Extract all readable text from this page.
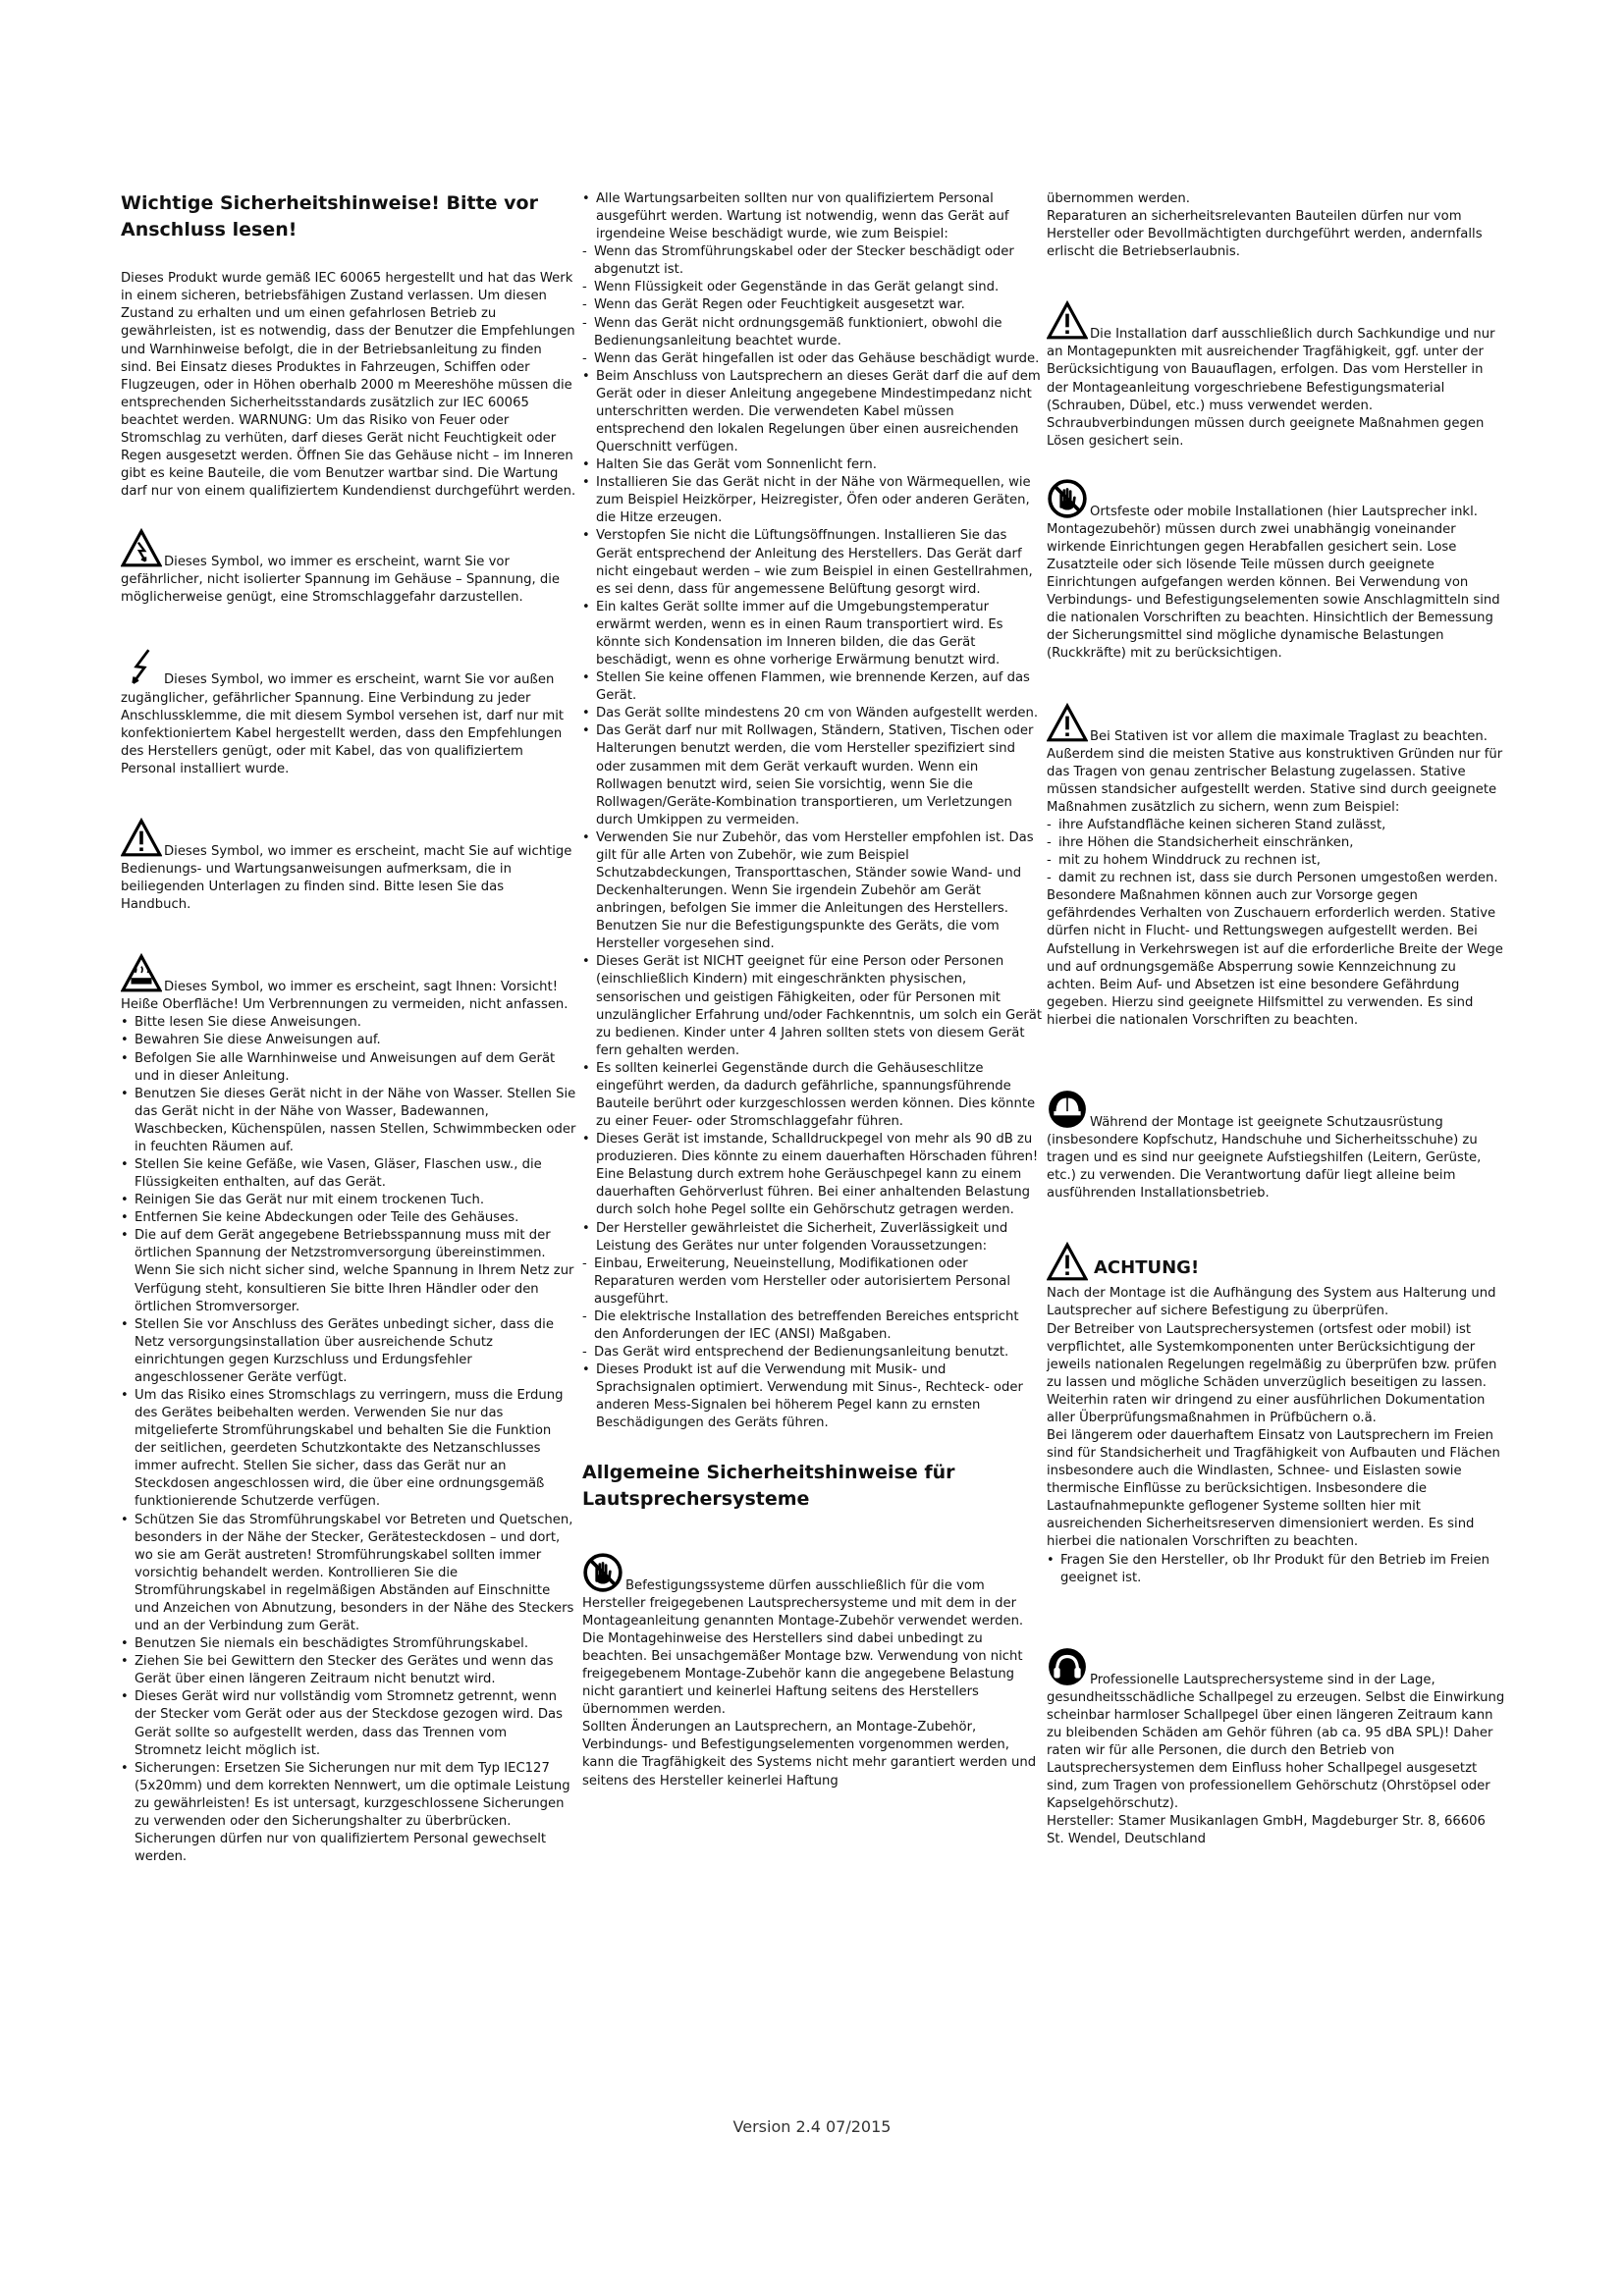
Wichtige Sicherheitshinweise! Bitte vor Anschluss lesen!

Dieses Produkt wurde gemäß IEC 60065 hergestellt und hat das Werk in einem sicheren, betriebsfähigen Zustand verlassen. Um diesen Zustand zu erhalten und um einen gefahrlosen Betrieb zu gewährleisten, ist es notwendig, dass der Benutzer die Empfehlungen und Warnhinweise befolgt, die in der Betriebsanleitung zu finden sind. Bei Einsatz dieses Produktes in Fahrzeugen, Schiffen oder Flugzeugen, oder in Höhen oberhalb 2000 m Meereshöhe müssen die entsprechenden Sicherheitsstandards zusätzlich zur IEC 60065 beachtet werden. WARNUNG: Um das Risiko von Feuer oder Stromschlag zu verhüten, darf dieses Gerät nicht Feuchtigkeit oder Regen ausgesetzt werden. Öffnen Sie das Gehäuse nicht – im Inneren gibt es keine Bauteile, die vom Benutzer wartbar sind. Die Wartung darf nur von einem qualifiziertem Kundendienst durchgeführt werden.

Dieses Symbol, wo immer es erscheint, warnt Sie vor gefährlicher, nicht isolierter Spannung im Gehäuse – Spannung, die möglicherweise genügt, eine Stromschlaggefahr darzustellen.

Dieses Symbol, wo immer es erscheint, warnt Sie vor außen zugänglicher, gefährlicher Spannung. Eine Verbindung zu jeder Anschlussklemme, die mit diesem Symbol versehen ist, darf nur mit konfektioniertem Kabel hergestellt werden, dass den Empfehlungen des Herstellers genügt, oder mit Kabel, das von qualifiziertem Personal installiert wurde.

Dieses Symbol, wo immer es erscheint, macht Sie auf wichtige Bedienungs- und Wartungsanweisungen aufmerksam, die in beiliegenden Unterlagen zu finden sind. Bitte lesen Sie das Handbuch.

Dieses Symbol, wo immer es erscheint, sagt Ihnen: Vorsicht! Heiße Oberfläche! Um Verbrennungen zu vermeiden, nicht anfassen.

• Bitte lesen Sie diese Anweisungen.
• Bewahren Sie diese Anweisungen auf.
• Befolgen Sie alle Warnhinweise und Anweisungen auf dem Gerät und in dieser Anleitung.
• Benutzen Sie dieses Gerät nicht in der Nähe von Wasser. Stellen Sie das Gerät nicht in der Nähe von Wasser, Badewannen, Waschbecken, Küchenspülen, nassen Stellen, Schwimmbecken oder in feuchten Räumen auf.
• Stellen Sie keine Gefäße, wie Vasen, Gläser, Flaschen usw., die Flüssigkeiten enthalten, auf das Gerät.
• Reinigen Sie das Gerät nur mit einem trockenen Tuch.
• Entfernen Sie keine Abdeckungen oder Teile des Gehäuses.
• Die auf dem Gerät angegebene Betriebsspannung muss mit der örtlichen Spannung der Netzstromversorgung übereinstimmen. Wenn Sie sich nicht sicher sind, welche Spannung in Ihrem Netz zur Verfügung steht, konsultieren Sie bitte Ihren Händler oder den örtlichen Stromversorger.
• Stellen Sie vor Anschluss des Gerätes unbedingt sicher, dass die Netz versorgungsinstallation über ausreichende Schutz einrichtungen gegen Kurzschluss und Erdungsfehler angeschlossener Geräte verfügt.
• Um das Risiko eines Stromschlags zu verringern, muss die Erdung des Gerätes beibehalten werden. Verwenden Sie nur das mitgelieferte Stromführungskabel und behalten Sie die Funktion der seitlichen, geerdeten Schutzkontakte des Netzanschlusses immer aufrecht. Stellen Sie sicher, dass das Gerät nur an Steckdosen angeschlossen wird, die über eine ordnungsgemäß funktionierende Schutzerde verfügen.
• Schützen Sie das Stromführungskabel vor Betreten und Quetschen, besonders in der Nähe der Stecker, Gerätesteckdosen – und dort, wo sie am Gerät austreten! Stromführungskabel sollten immer vorsichtig behandelt werden. Kontrollieren Sie die Stromführungskabel in regelmäßigen Abständen auf Einschnitte und Anzeichen von Abnutzung, besonders in der Nähe des Steckers und an der Verbindung zum Gerät.
• Benutzen Sie niemals ein beschädigtes Stromführungskabel.
• Ziehen Sie bei Gewittern den Stecker des Gerätes und wenn das Gerät über einen längeren Zeitraum nicht benutzt wird.
• Dieses Gerät wird nur vollständig vom Stromnetz getrennt, wenn der Stecker vom Gerät oder aus der Steckdose gezogen wird. Das Gerät sollte so aufgestellt werden, dass das Trennen vom Stromnetz leicht möglich ist.
• Sicherungen: Ersetzen Sie Sicherungen nur mit dem Typ IEC127 (5x20mm) und dem korrekten Nennwert, um die optimale Leistung zu gewährleisten! Es ist untersagt, kurzgeschlossene Sicherungen zu verwenden oder den Sicherungshalter zu überbrücken. Sicherungen dürfen nur von qualifiziertem Personal gewechselt werden.
• Alle Wartungsarbeiten sollten nur von qualifiziertem Personal ausgeführt werden. Wartung ist notwendig, wenn das Gerät auf irgendeine Weise beschädigt wurde, wie zum Beispiel:
- Wenn das Stromführungskabel oder der Stecker beschädigt oder abgenutzt ist.
- Wenn Flüssigkeit oder Gegenstände in das Gerät gelangt sind.
- Wenn das Gerät Regen oder Feuchtigkeit ausgesetzt war.
- Wenn das Gerät nicht ordnungsgemäß funktioniert, obwohl die Bedienungsanleitung beachtet wurde.
- Wenn das Gerät hingefallen ist oder das Gehäuse beschädigt wurde.
• Beim Anschluss von Lautsprechern an dieses Gerät darf die auf dem Gerät oder in dieser Anleitung angegebene Mindestimpedanz nicht unterschritten werden. Die verwendeten Kabel müssen entsprechend den lokalen Regelungen über einen ausreichenden Querschnitt verfügen.
• Halten Sie das Gerät vom Sonnenlicht fern.
• Installieren Sie das Gerät nicht in der Nähe von Wärmequellen, wie zum Beispiel Heizkörper, Heizregister, Öfen oder anderen Geräten, die Hitze erzeugen.
• Verstopfen Sie nicht die Lüftungsöffnungen. Installieren Sie das Gerät entsprechend der Anleitung des Herstellers. Das Gerät darf nicht eingebaut werden – wie zum Beispiel in einen Gestellrahmen, es sei denn, dass für angemessene Belüftung gesorgt wird.
• Ein kaltes Gerät sollte immer auf die Umgebungstemperatur erwärmt werden, wenn es in einen Raum transportiert wird. Es könnte sich Kondensation im Inneren bilden, die das Gerät beschädigt, wenn es ohne vorherige Erwärmung benutzt wird.
• Stellen Sie keine offenen Flammen, wie brennende Kerzen, auf das Gerät.
• Das Gerät sollte mindestens 20 cm von Wänden aufgestellt werden.
• Das Gerät darf nur mit Rollwagen, Ständern, Stativen, Tischen oder Halterungen benutzt werden, die vom Hersteller spezifiziert sind oder zusammen mit dem Gerät verkauft wurden. Wenn ein Rollwagen benutzt wird, seien Sie vorsichtig, wenn Sie die Rollwagen/Geräte-Kombination transportieren, um Verletzungen durch Umkippen zu vermeiden.
• Verwenden Sie nur Zubehör, das vom Hersteller empfohlen ist. Das gilt für alle Arten von Zubehör, wie zum Beispiel Schutzabdeckungen, Transporttaschen, Ständer sowie Wand- und Deckenhalterungen. Wenn Sie irgendein Zubehör am Gerät anbringen, befolgen Sie immer die Anleitungen des Herstellers. Benutzen Sie nur die Befestigungspunkte des Geräts, die vom Hersteller vorgesehen sind.
• Dieses Gerät ist NICHT geeignet für eine Person oder Personen (einschließlich Kindern) mit eingeschränkten physischen, sensorischen und geistigen Fähigkeiten, oder für Personen mit unzulänglicher Erfahrung und/oder Fachkenntnis, um solch ein Gerät zu bedienen. Kinder unter 4 Jahren sollten stets von diesem Gerät fern gehalten werden.
• Es sollten keinerlei Gegenstände durch die Gehäuseschlitze eingeführt werden, da dadurch gefährliche, spannungsführende Bauteile berührt oder kurzgeschlossen werden können. Dies könnte zu einer Feuer- oder Stromschlaggefahr führen.
• Dieses Gerät ist imstande, Schalldruckpegel von mehr als 90 dB zu produzieren. Dies könnte zu einem dauerhaften Hörschaden führen! Eine Belastung durch extrem hohe Geräuschpegel kann zu einem dauerhaften Gehörverlust führen. Bei einer anhaltenden Belastung durch solch hohe Pegel sollte ein Gehörschutz getragen werden.
• Der Hersteller gewährleistet die Sicherheit, Zuverlässigkeit und Leistung des Gerätes nur unter folgenden Voraussetzungen:
- Einbau, Erweiterung, Neueinstellung, Modifikationen oder Reparaturen werden vom Hersteller oder autorisiertem Personal ausgeführt.
- Die elektrische Installation des betreffenden Bereiches entspricht den Anforderungen der IEC (ANSI) Maßgaben.
- Das Gerät wird entsprechend der Bedienungsanleitung benutzt.
• Dieses Produkt ist auf die Verwendung mit Musik- und Sprachsignalen optimiert. Verwendung mit Sinus-, Rechteck- oder anderen Mess-Signalen bei höherem Pegel kann zu ernsten Beschädigungen des Geräts führen.
Allgemeine Sicherheitshinweise für Lautsprechersysteme

Befestigungssysteme dürfen ausschließlich für die vom Hersteller freigegebenen Lautsprechersysteme und mit dem in der Montageanleitung genannten Montage-Zubehör verwendet werden. Die Montagehinweise des Herstellers sind dabei unbedingt zu beachten. Bei unsachgemäßer Montage bzw. Verwendung von nicht freigegebenem Montage-Zubehör kann die angegebene Belastung nicht garantiert und keinerlei Haftung seitens des Herstellers übernommen werden.

Sollten Änderungen an Lautsprechern, an Montage-Zubehör, Verbindungs- und Befestigungselementen vorgenommen werden, kann die Tragfähigkeit des Systems nicht mehr garantiert werden und seitens des Hersteller keinerlei Haftung

übernommen werden.

Reparaturen an sicherheitsrelevanten Bauteilen dürfen nur vom Hersteller oder Bevollmächtigten durchgeführt werden, andernfalls erlischt die Betriebserlaubnis.

Die Installation darf ausschließlich durch Sachkundige und nur an Montagepunkten mit ausreichender Tragfähigkeit, ggf. unter der Berücksichtigung von Bauauflagen, erfolgen. Das vom Hersteller in der Montageanleitung vorgeschriebene Befestigungsmaterial (Schrauben, Dübel, etc.) muss verwendet werden. Schraubverbindungen müssen durch geeignete Maßnahmen gegen Lösen gesichert sein.

Ortsfeste oder mobile Installationen (hier Lautsprecher inkl. Montagezubehör) müssen durch zwei unabhängig voneinander wirkende Einrichtungen gegen Herabfallen gesichert sein. Lose Zusatzteile oder sich lösende Teile müssen durch geeignete Einrichtungen aufgefangen werden können. Bei Verwendung von Verbindungs- und Befestigungselementen sowie Anschlagmitteln sind die nationalen Vorschriften zu beachten. Hinsichtlich der Bemessung der Sicherungsmittel sind mögliche dynamische Belastungen (Ruckkräfte) mit zu berücksichtigen.

Bei Stativen ist vor allem die maximale Traglast zu beachten. Außerdem sind die meisten Stative aus konstruktiven Gründen nur für das Tragen von genau zentrischer Belastung zugelassen. Stative müssen standsicher aufgestellt werden. Stative sind durch geeignete Maßnahmen zusätzlich zu sichern, wenn zum Beispiel:

- ihre Aufstandfläche keinen sicheren Stand zulässt,
- ihre Höhen die Standsicherheit einschränken,
- mit zu hohem Winddruck zu rechnen ist,
- damit zu rechnen ist, dass sie durch Personen umgestoßen werden.

Besondere Maßnahmen können auch zur Vorsorge gegen gefährdendes Verhalten von Zuschauern erforderlich werden. Stative dürfen nicht in Flucht- und Rettungswegen aufgestellt werden. Bei Aufstellung in Verkehrswegen ist auf die erforderliche Breite der Wege und auf ordnungsgemäße Absperrung sowie Kennzeichnung zu achten. Beim Auf- und Absetzen ist eine besondere Gefährdung gegeben. Hierzu sind geeignete Hilfsmittel zu verwenden. Es sind hierbei die nationalen Vorschriften zu beachten.

Während der Montage ist geeignete Schutzausrüstung (insbesondere Kopfschutz, Handschuhe und Sicherheitsschuhe) zu tragen und es sind nur geeignete Aufstiegshilfen (Leitern, Gerüste, etc.) zu verwenden. Die Verantwortung dafür liegt alleine beim ausführenden Installationsbetrieb.

ACHTUNG!

Nach der Montage ist die Aufhängung des System aus Halterung und Lautsprecher auf sichere Befestigung zu überprüfen.

Der Betreiber von Lautsprechersystemen (ortsfest oder mobil) ist verpflichtet, alle Systemkomponenten unter Berücksichtigung der jeweils nationalen Regelungen regelmäßig zu überprüfen bzw. prüfen zu lassen und mögliche Schäden unverzüglich beseitigen zu lassen. Weiterhin raten wir dringend zu einer ausführlichen Dokumentation aller Überprüfungsmaßnahmen in Prüfbüchern o.ä.

Bei längerem oder dauerhaftem Einsatz von Lautsprechern im Freien sind für Standsicherheit und Tragfähigkeit von Aufbauten und Flächen insbesondere auch die Windlasten, Schnee- und Eislasten sowie thermische Einflüsse zu berücksichtigen. Insbesondere die Lastaufnahmepunkte geflogener Systeme sollten hier mit ausreichenden Sicherheitsreserven dimensioniert werden. Es sind hierbei die nationalen Vorschriften zu beachten.

• Fragen Sie den Hersteller, ob Ihr Produkt für den Betrieb im Freien geeignet ist.

Professionelle Lautsprechersysteme sind in der Lage, gesundheitsschädliche Schallpegel zu erzeugen. Selbst die Einwirkung scheinbar harmloser Schallpegel über einen längeren Zeitraum kann zu bleibenden Schäden am Gehör führen (ab ca. 95 dBA SPL)! Daher raten wir für alle Personen, die durch den Betrieb von Lautsprechersystemen dem Einfluss hoher Schallpegel ausgesetzt sind, zum Tragen von professionellem Gehörschutz (Ohrstöpsel oder Kapselgehörschutz).

Hersteller: Stamer Musikanlagen GmbH, Magdeburger Str. 8, 66606 St. Wendel, Deutschland

Version 2.4 07/2015
